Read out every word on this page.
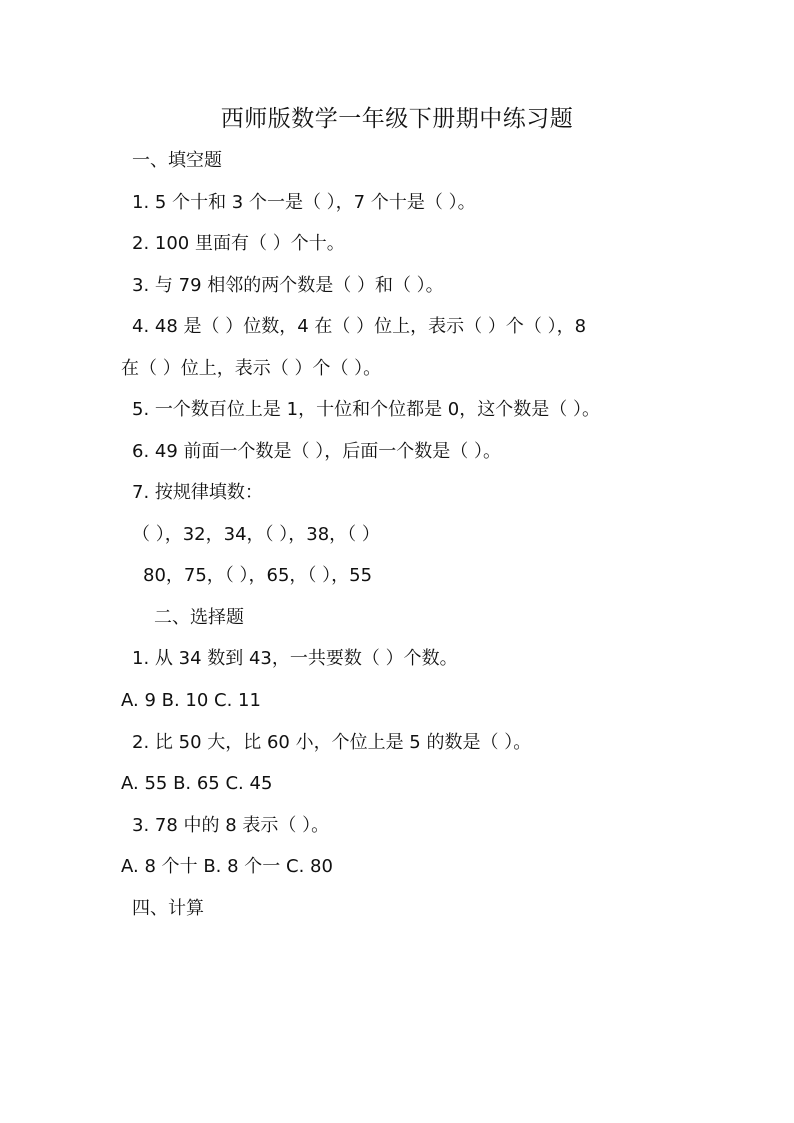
西师版数学一年级下册期中练习题
一、填空题
1. 5 个十和 3 个一是（ ），7 个十是（ ）。
2. 100 里面有（ ）个十。
3. 与 79 相邻的两个数是（ ）和（ ）。
4. 48 是（ ）位数，4 在（ ）位上，表示（ ）个（ ），8
在（ ）位上，表示（ ）个（ ）。
5. 一个数百位上是 1，十位和个位都是 0，这个数是（ ）。
6. 49 前面一个数是（ ），后面一个数是（ ）。
7. 按规律填数：
（ ），32，34，（ ），38，（ ）
80，75，（ ），65，（ ），55
二、选择题
1. 从 34 数到 43，一共要数（ ）个数。
A. 9 B. 10 C. 11
2. 比 50 大，比 60 小，个位上是 5 的数是（ ）。
A. 55 B. 65 C. 45
3. 78 中的 8 表示（ ）。
A. 8 个十 B. 8 个一 C. 80
四、计算
